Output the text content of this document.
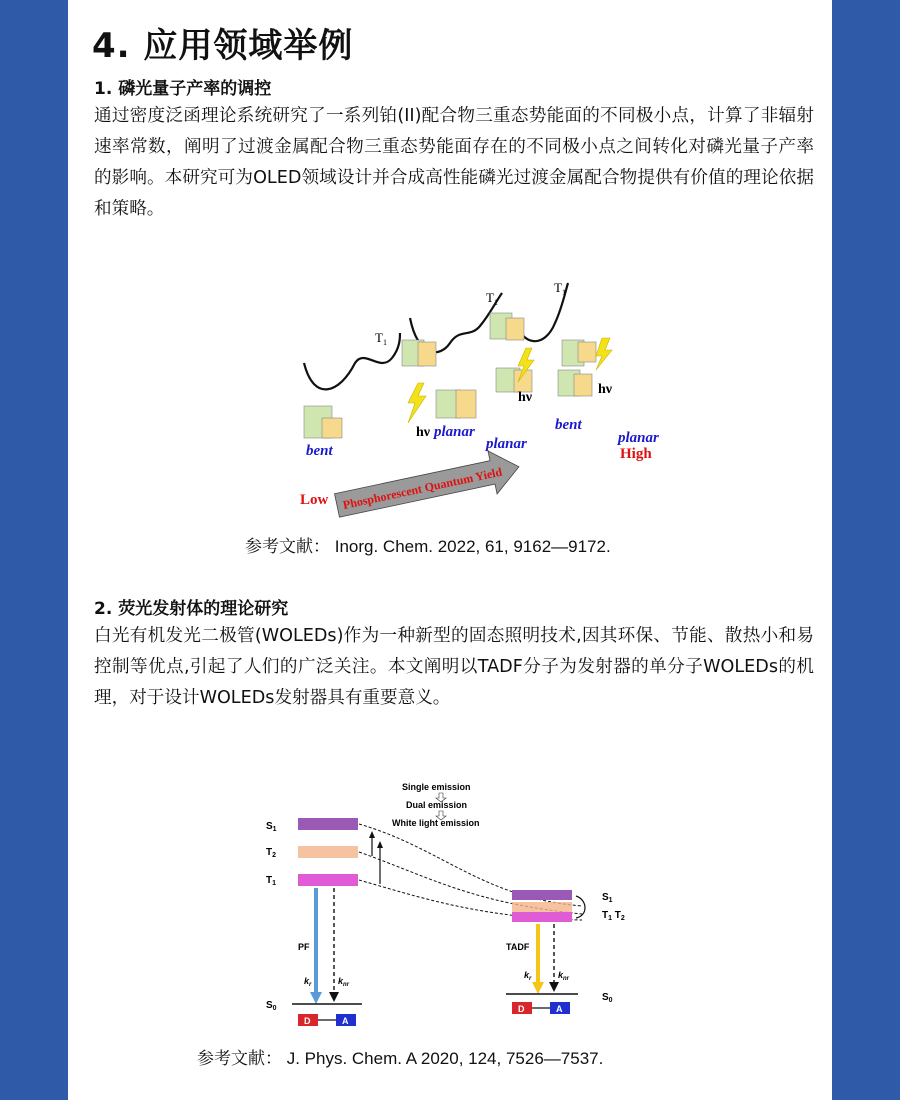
4. 应用领域举例
1. 磷光量子产率的调控
通过密度泛函理论系统研究了一系列铂(II)配合物三重态势能面的不同极小点，计算了非辐射速率常数，阐明了过渡金属配合物三重态势能面存在的不同极小点之间转化对磷光量子产率的影响。本研究可为OLED领域设计并合成高性能磷光过渡金属配合物提供有价值的理论依据和策略。
$T_1$
$T_1$
$T_1$
hν
hν
hν
bent
planar
planar
bent
Phosphorescent Quantum Yield
Low
planar
High
参考文献： Inorg. Chem. 2022, 61, 9162—9172.
2. 荧光发射体的理论研究
白光有机发光二极管(WOLEDs)作为一种新型的固态照明技术,因其环保、节能、散热小和易控制等优点,引起了人们的广泛关注。本文阐明以TADF分子为发射器的单分子WOLEDs的机理，对于设计WOLEDs发射器具有重要意义。
Single emission
Dual emission
White light emission
$S_1$
$T_2$
$T_1$
$S_0$
PF
$k_r$	$k_{nr}$
D	A
$S_1$
$T_1$ $T_2$
$S_0$
TADF
$k_r$	$k_{nr}$
D	A
参考文献： J. Phys. Chem. A 2020, 124, 7526—7537.
